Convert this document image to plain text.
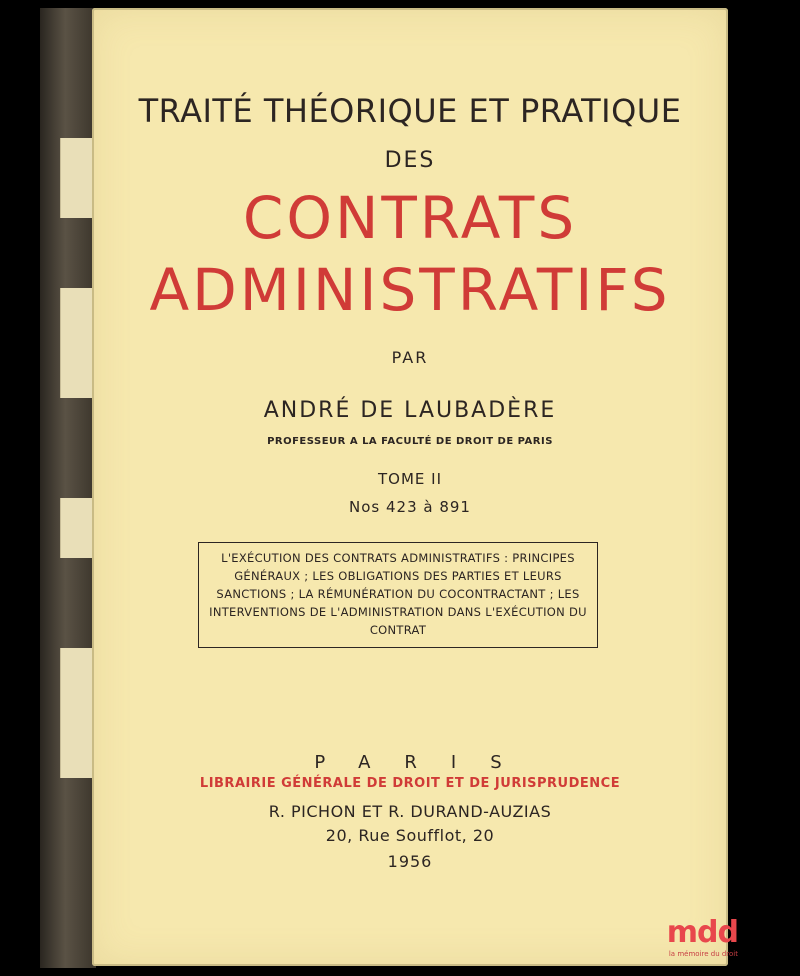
TRAITÉ THÉORIQUE ET PRATIQUE
DES
CONTRATS
ADMINISTRATIFS
PAR
ANDRÉ DE LAUBADÈRE
PROFESSEUR A LA FACULTÉ DE DROIT DE PARIS
TOME II
Nos 423 à 891
L'EXÉCUTION DES CONTRATS ADMINISTRATIFS : PRINCIPES GÉNÉRAUX ; LES OBLIGATIONS DES PARTIES ET LEURS SANCTIONS ; LA RÉMUNÉRATION DU COCONTRACTANT ; LES INTERVENTIONS DE L'ADMINISTRATION DANS L'EXÉCUTION DU CONTRAT
PARIS
LIBRAIRIE GÉNÉRALE DE DROIT ET DE JURISPRUDENCE
R. PICHON ET R. DURAND-AUZIAS
20, Rue Soufflot, 20
1956
mdd
la mémoire du droit
